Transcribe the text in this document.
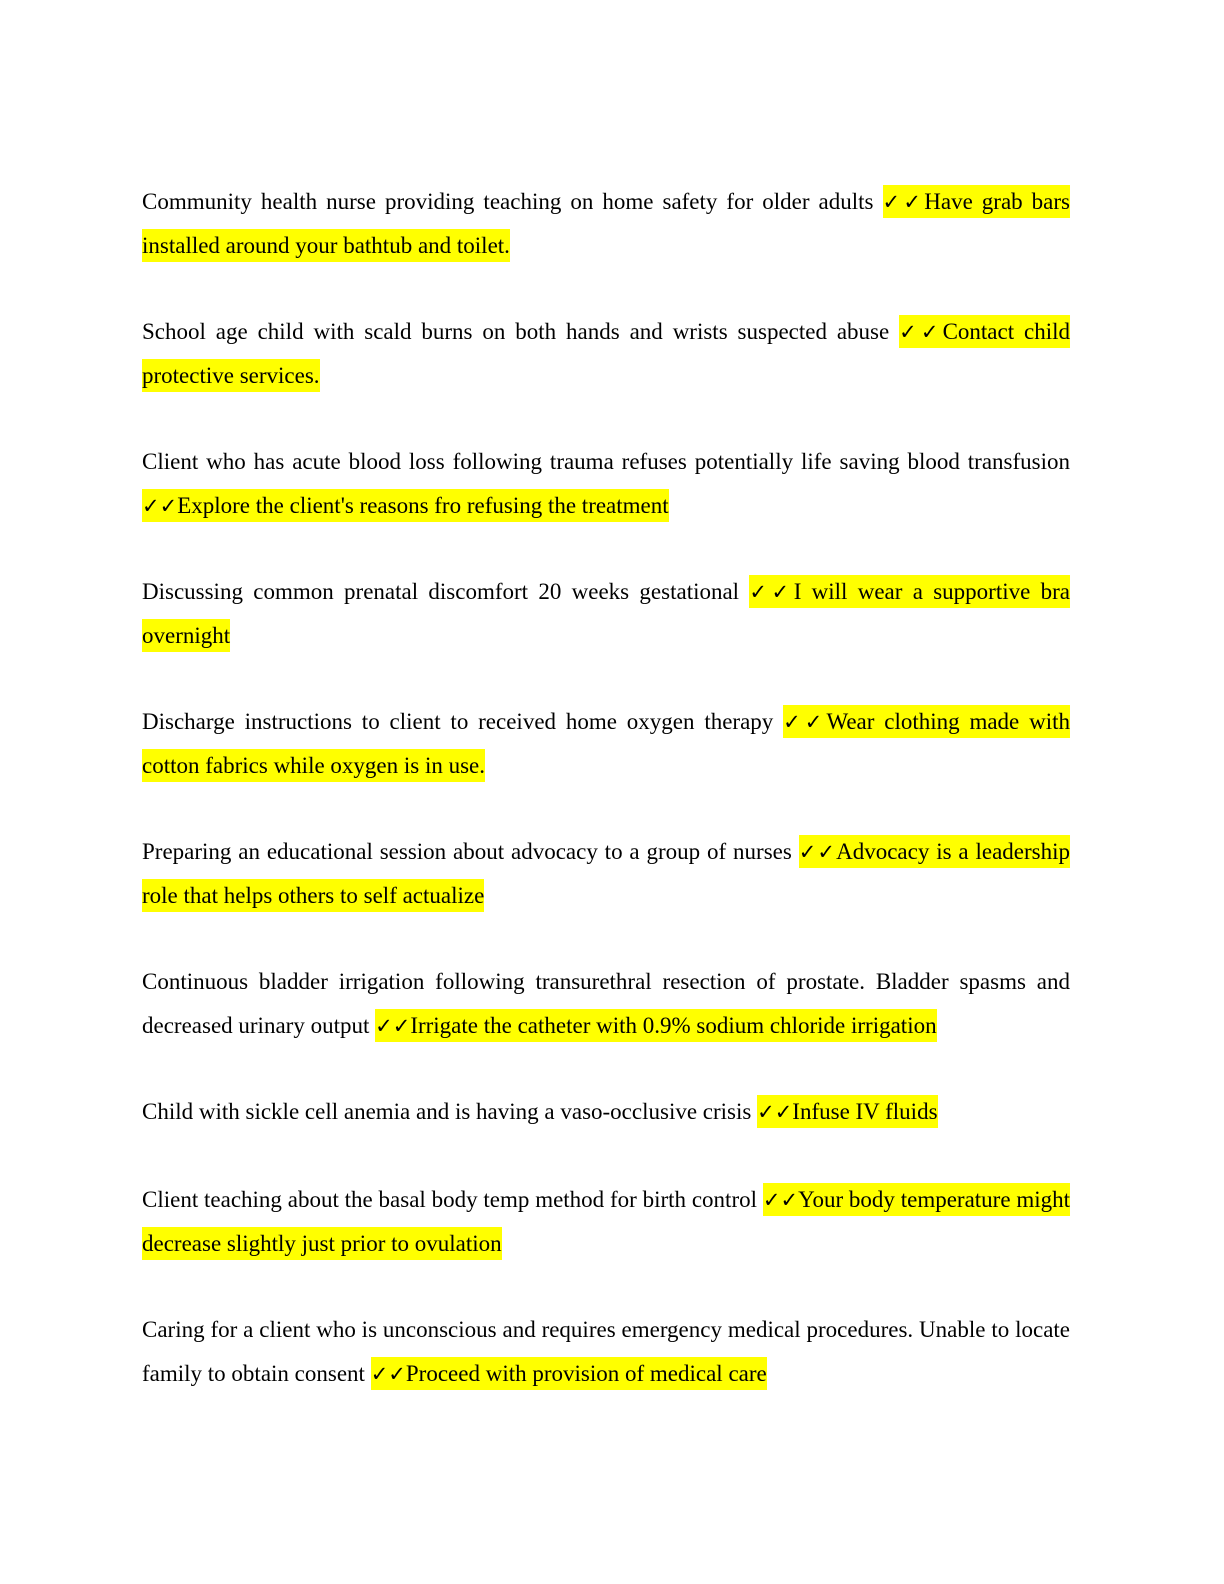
Community health nurse providing teaching on home safety for older adults ✓✓Have grab bars installed around your bathtub and toilet.

School age child with scald burns on both hands and wrists suspected abuse ✓✓Contact child protective services.

Client who has acute blood loss following trauma refuses potentially life saving blood transfusion ✓✓Explore the client's reasons fro refusing the treatment

Discussing common prenatal discomfort 20 weeks gestational ✓✓I will wear a supportive bra overnight

Discharge instructions to client to received home oxygen therapy ✓✓Wear clothing made with cotton fabrics while oxygen is in use.

Preparing an educational session about advocacy to a group of nurses ✓✓Advocacy is a leadership role that helps others to self actualize

Continuous bladder irrigation following transurethral resection of prostate. Bladder spasms and decreased urinary output ✓✓Irrigate the catheter with 0.9% sodium chloride irrigation

Child with sickle cell anemia and is having a vaso-occlusive crisis ✓✓Infuse IV fluids

Client teaching about the basal body temp method for birth control ✓✓Your body temperature might decrease slightly just prior to ovulation

Caring for a client who is unconscious and requires emergency medical procedures. Unable to locate family to obtain consent ✓✓Proceed with provision of medical care
